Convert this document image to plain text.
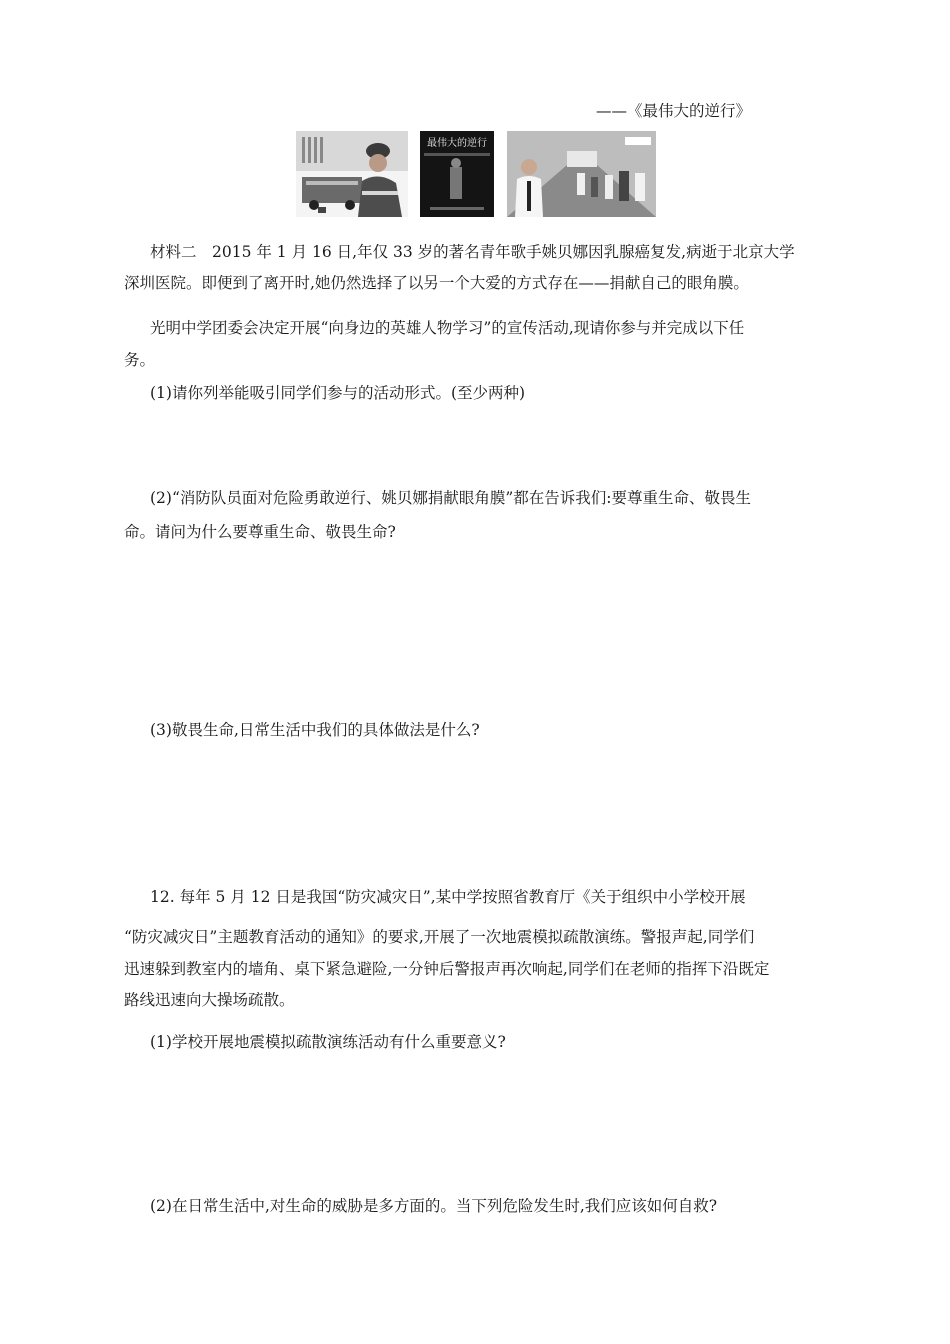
——《最伟大的逆行》
最伟大的逆行
材料二　2015 年 1 月 16 日,年仅 33 岁的著名青年歌手姚贝娜因乳腺癌复发,病逝于北京大学
深圳医院。即便到了离开时,她仍然选择了以另一个大爱的方式存在——捐献自己的眼角膜。
光明中学团委会决定开展“向身边的英雄人物学习”的宣传活动,现请你参与并完成以下任
务。
(1)请你列举能吸引同学们参与的活动形式。(至少两种)
(2)“消防队员面对危险勇敢逆行、姚贝娜捐献眼角膜”都在告诉我们:要尊重生命、敬畏生
命。请问为什么要尊重生命、敬畏生命?
(3)敬畏生命,日常生活中我们的具体做法是什么?
12. 每年 5 月 12 日是我国“防灾减灾日”,某中学按照省教育厅《关于组织中小学校开展
“防灾减灾日”主题教育活动的通知》的要求,开展了一次地震模拟疏散演练。警报声起,同学们
迅速躲到教室内的墙角、桌下紧急避险,一分钟后警报声再次响起,同学们在老师的指挥下沿既定
路线迅速向大操场疏散。
(1)学校开展地震模拟疏散演练活动有什么重要意义?
(2)在日常生活中,对生命的威胁是多方面的。当下列危险发生时,我们应该如何自救?
